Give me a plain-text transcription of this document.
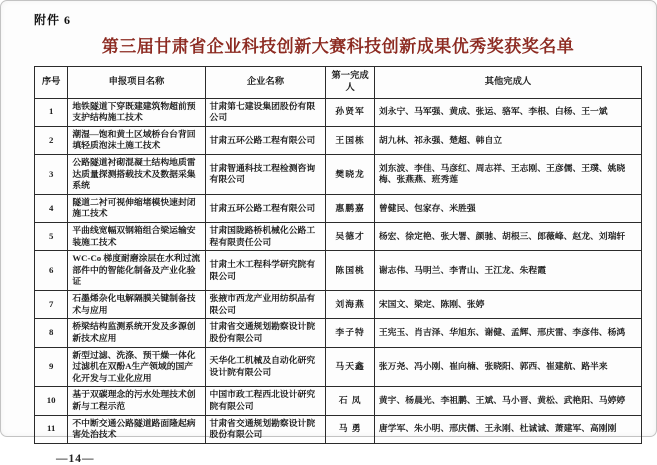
附件 6
第三届甘肃省企业科技创新大赛科技创新成果优秀奖获奖名单
序号	申报项目名称	企业名称	第一完成人	其他完成人
1	地铁隧道下穿既建建筑物超前预支护结构施工技术	甘肃第七建设集团股份有限公司	孙贤军	刘永宁、马军强、黄成、张运、骆军、李根、白杨、王一斌
2	潮湿—饱和黄土区域桥台台背回填轻质泡沫土施工技术	甘肃五环公路工程有限公司	王国栋	胡九林、祁永强、楚超、韩自立
3	公路隧道衬砌混凝土结构地质雷达质量探测搭载技术及数据采集系统	甘肃智通科技工程检测咨询有限公司	樊晓龙	刘东波、李佳、马彦红、周志祥、王志刚、王彦儒、王璞、姚晓梅、张燕燕、班秀莲
4	隧道二衬可视伸缩堵模快速封闭施工技术	甘肃五环公路工程有限公司	惠鹏嘉	曾健民、包家存、米胜强
5	平曲线宽幅双钢箱组合梁运输安装施工技术	甘肃国陇路桥机械化公路工程有限责任公司	吴德才	杨宏、徐定艳、张大署、颜驰、胡根三、郎薇峰、赵龙、刘瑞轩
6	WC-Co 梯度耐磨涂层在水利过流部件中的智能化制备及产业化验证	甘肃土木工程科学研究院有限公司	陈国桃	谢志伟、马明兰、李青山、王江龙、朱程霞
7	石墨烯杂化电解隔膜关键制备技术与应用	张掖市西龙产业用纺织品有限公司	刘海燕	宋国文、梁定、陈刚、张婷
8	桥梁结构监测系统开发及多源创新技术应用	甘肃省交通规划勘察设计院股份有限公司	李子特	王宪玉、肖吉泽、华旭东、谢健、孟辉、邢庆雷、李彦伟、杨鸿
9	新型过滤、洗涤、预干燥一体化过滤机在双酚A生产领域的国产化开发与工业化应用	天华化工机械及自动化研究设计院有限公司	马天鑫	张万尧、冯小刚、崔向楠、张晓阳、郭西、崔建航、路半来
10	基于双碳理念的污水处理技术创新与工程示范	中国市政工程西北设计研究院有限公司	石 凤	黄宇、杨晨光、李祖鹏、王斌、马小晋、黄松、武艳阳、马婷婷
11	不中断交通公路隧道路面隆起病害处治技术	甘肃省交通规划勘察设计院股份有限公司	马 勇	唐学军、朱小明、邢庆儒、王永刚、杜诚诚、萧建军、高刚刚
—14—
